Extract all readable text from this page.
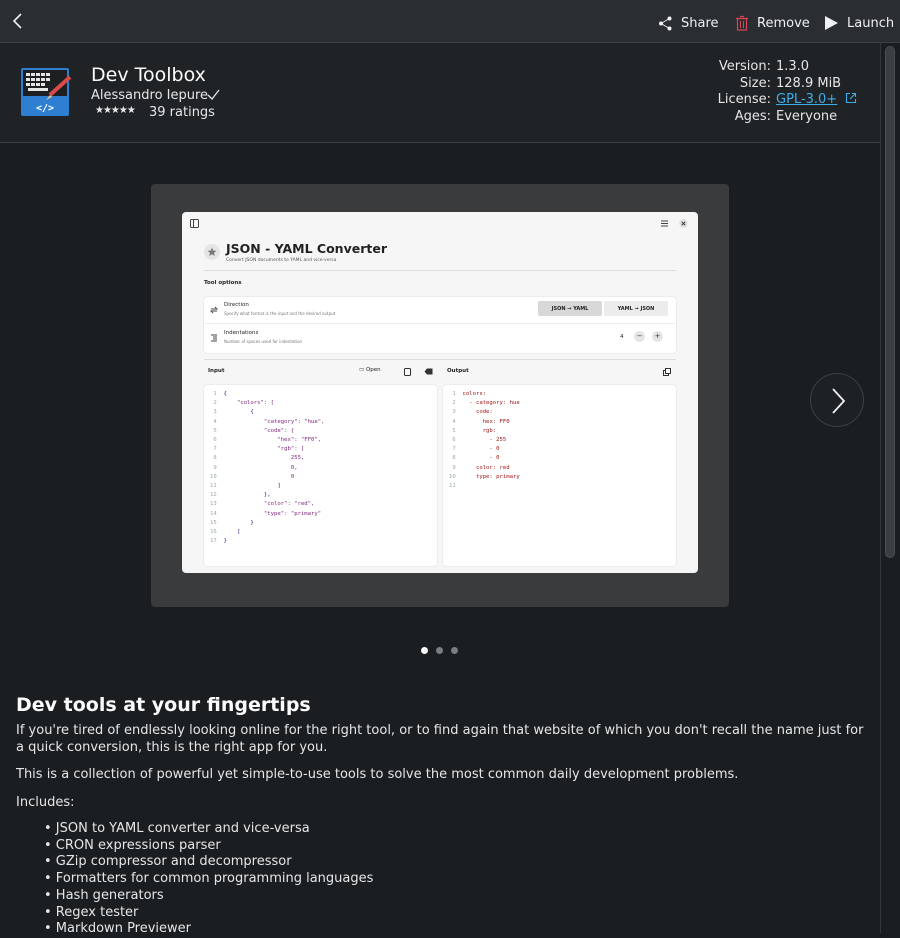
Share	Remove	Launch
</>
Dev Toolbox
Alessandro Iepure
★★★★★ 39 ratings
Version: 1.3.0
Size: 128.9 MiB
License: GPL-3.0+
Ages: Everyone
JSON - YAML Converter
Convert JSON documents to YAML and vice-versa
Tool options
Direction
Specify what format is the input and the desired output
JSON → YAML	YAML → JSON
Indentations
Number of spaces used for indentation
4	−	+
Input	▭ Open	Output
1  {
2      "colors": [
3          {
4              "category": "hue",
5              "code": {
6                  "hex": "FF0",
7                  "rgb": [
8                      255,
9                      0,
10                      0
11                  ]
12              },
13              "color": "red",
14              "type": "primary"
15          }
16      ]
17  }
1  colors:
2    - category: hue
3      code:
4        hex: FF0
5        rgb:
6          - 255
7          - 0
8          - 0
9      color: red
10      type: primary
11
Dev tools at your fingertips
If you're tired of endlessly looking online for the right tool, or to find again that website of which you don't recall the name just for a quick conversion, this is the right app for you.
This is a collection of powerful yet simple-to-use tools to solve the most common daily development problems.
Includes:
• JSON to YAML converter and vice-versa
• CRON expressions parser
• GZip compressor and decompressor
• Formatters for common programming languages
• Hash generators
• Regex tester
• Markdown Previewer
